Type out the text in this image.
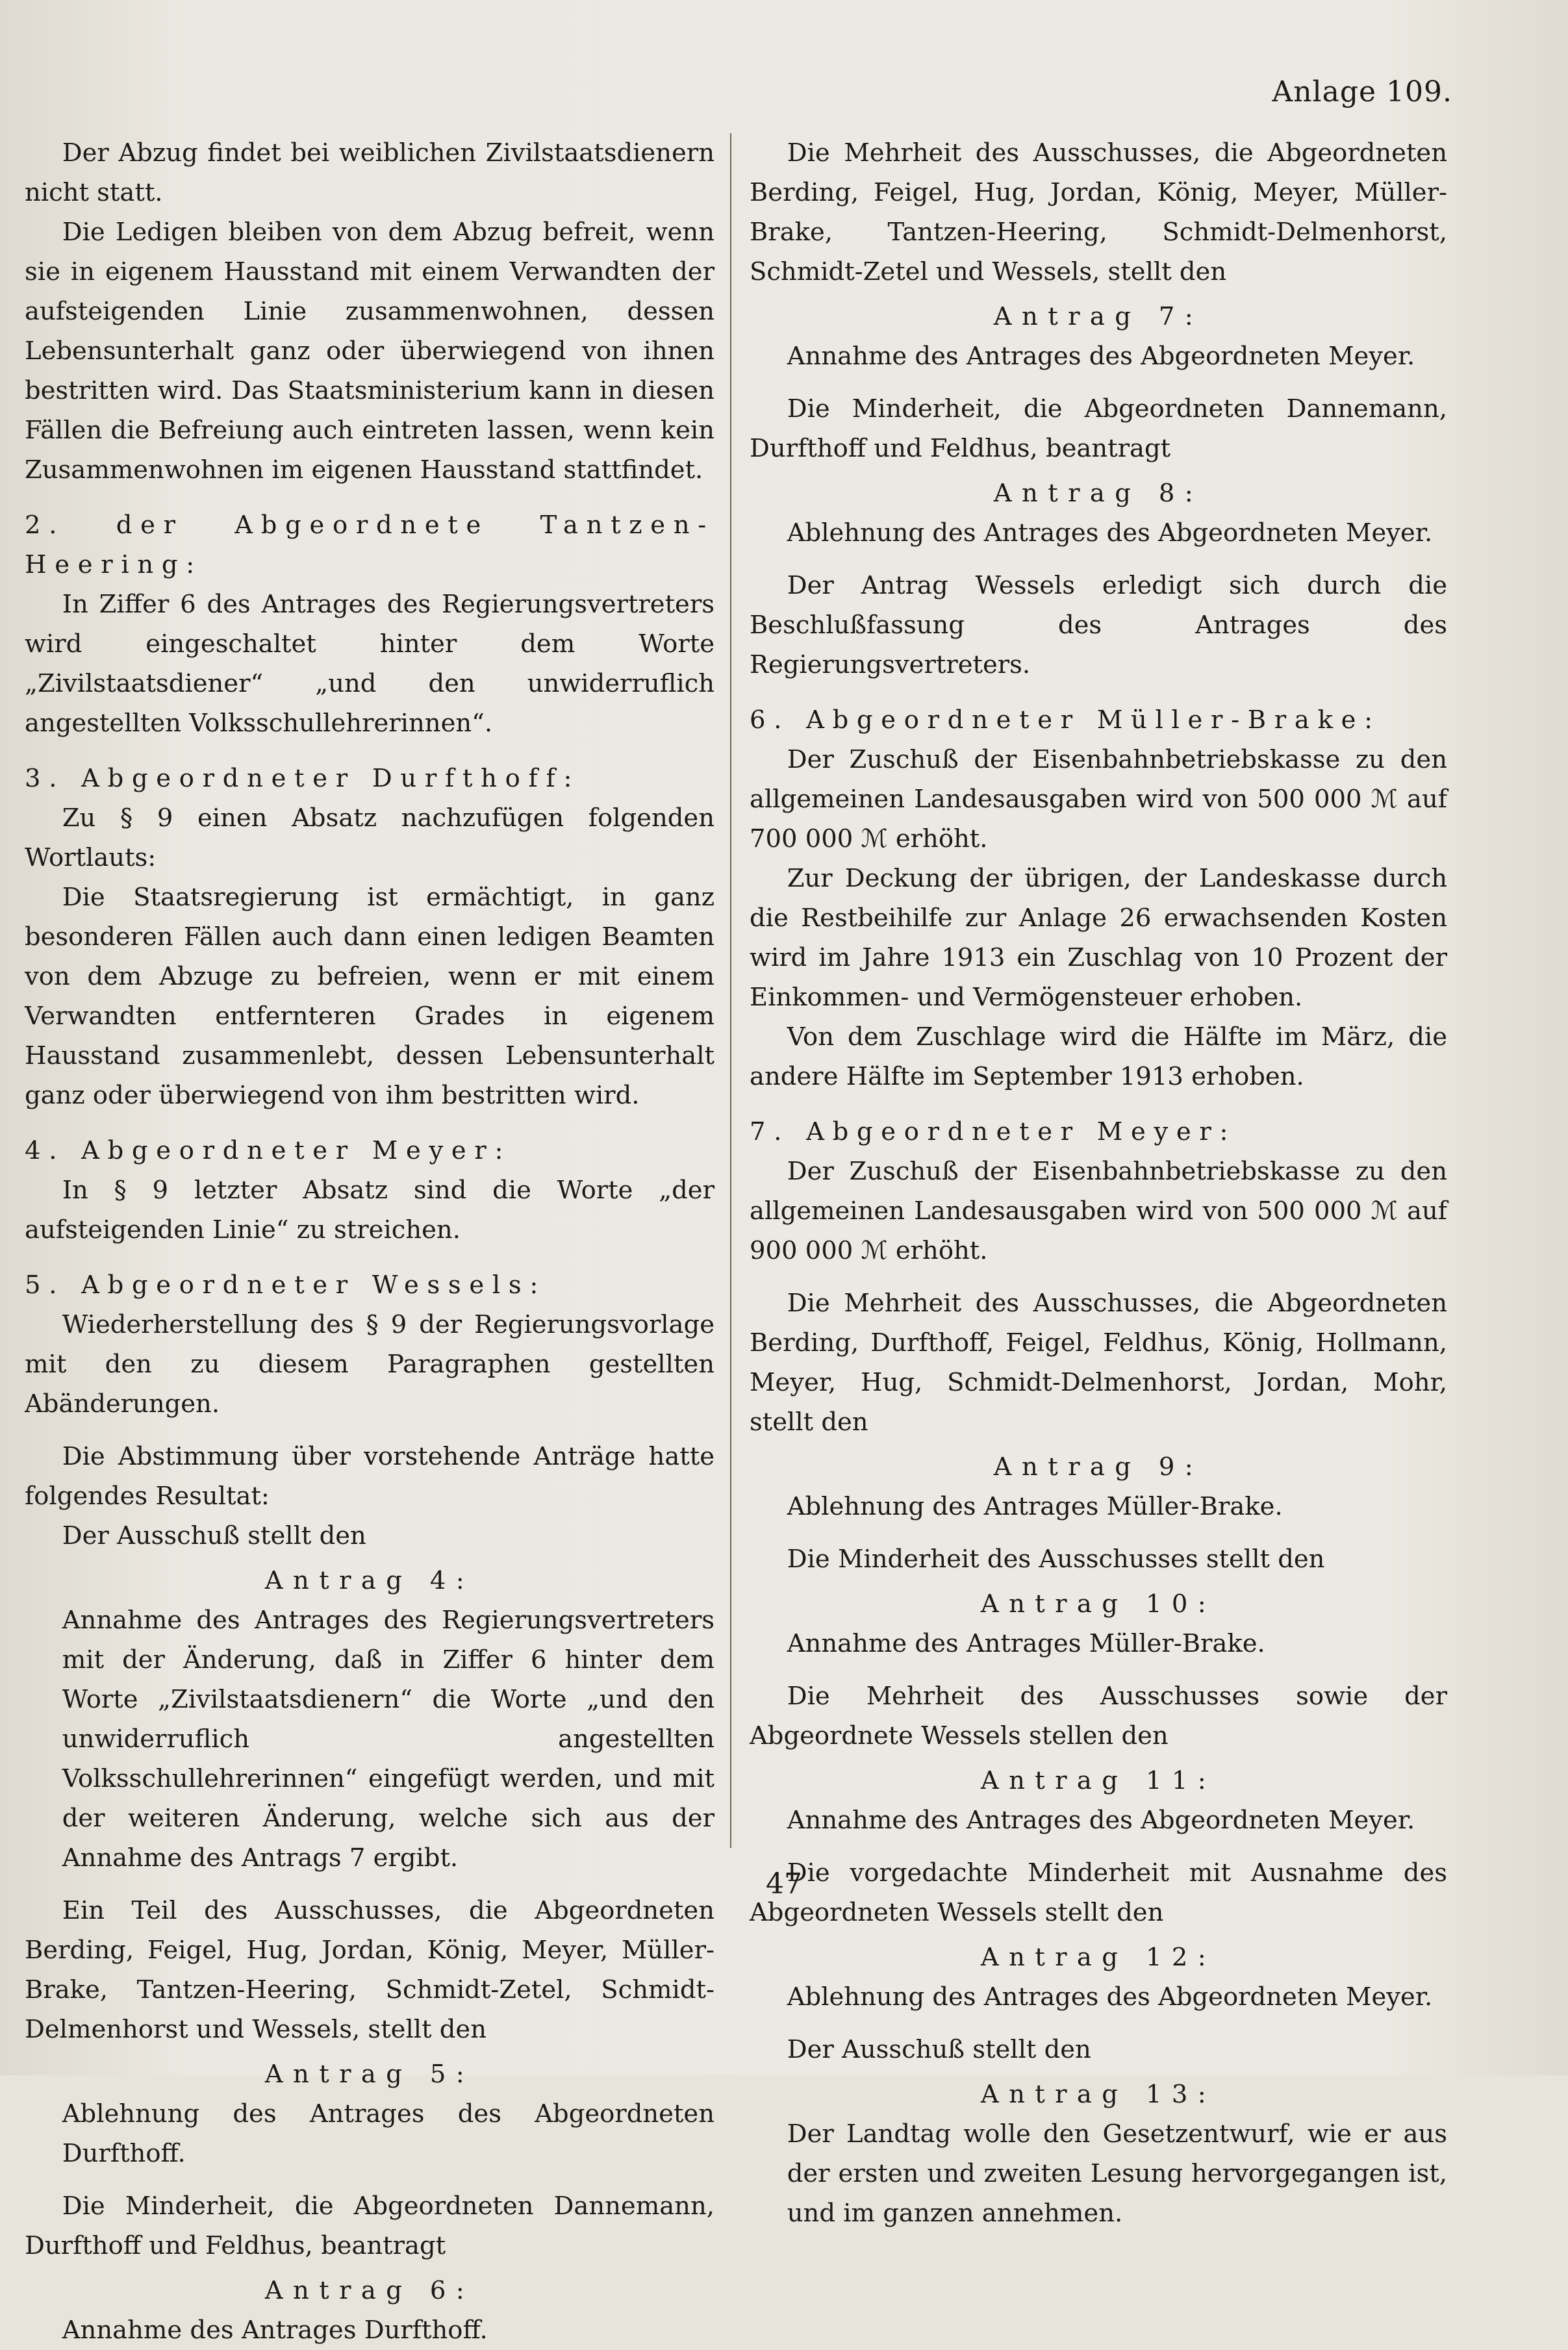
Anlage 109.

Der Abzug findet bei weiblichen Zivilstaatsdienern nicht statt.

Die Ledigen bleiben von dem Abzug befreit, wenn sie in eigenem Hausstand mit einem Verwandten der aufsteigenden Linie zusammenwohnen, dessen Lebensunterhalt ganz oder überwiegend von ihnen bestritten wird. Das Staatsministerium kann in diesen Fällen die Befreiung auch eintreten lassen, wenn kein Zusammenwohnen im eigenen Hausstand stattfindet.

2. der Abgeordnete Tantzen-Heering:

In Ziffer 6 des Antrages des Regierungsvertreters wird eingeschaltet hinter dem Worte „Zivilstaatsdiener“ „und den unwiderruflich angestellten Volksschullehrerinnen“.

3. Abgeordneter Durfthoff:

Zu § 9 einen Absatz nachzufügen folgenden Wortlauts:

Die Staatsregierung ist ermächtigt, in ganz besonderen Fällen auch dann einen ledigen Beamten von dem Abzuge zu befreien, wenn er mit einem Verwandten entfernteren Grades in eigenem Hausstand zusammenlebt, dessen Lebensunterhalt ganz oder überwiegend von ihm bestritten wird.

4. Abgeordneter Meyer:

In § 9 letzter Absatz sind die Worte „der aufsteigenden Linie“ zu streichen.

5. Abgeordneter Wessels:

Wiederherstellung des § 9 der Regierungsvorlage mit den zu diesem Paragraphen gestellten Abänderungen.

Die Abstimmung über vorstehende Anträge hatte folgendes Resultat:

Der Ausschuß stellt den

Antrag 4:

Annahme des Antrages des Regierungsvertreters mit der Änderung, daß in Ziffer 6 hinter dem Worte „Zivilstaatsdienern“ die Worte „und den unwiderruflich angestellten Volksschullehrerinnen“ eingefügt werden, und mit der weiteren Änderung, welche sich aus der Annahme des Antrags 7 ergibt.

Ein Teil des Ausschusses, die Abgeordneten Berding, Feigel, Hug, Jordan, König, Meyer, Müller-Brake, Tantzen-Heering, Schmidt-Zetel, Schmidt-Delmenhorst und Wessels, stellt den

Antrag 5:

Ablehnung des Antrages des Abgeordneten Durfthoff.

Die Minderheit, die Abgeordneten Dannemann, Durfthoff und Feldhus, beantragt

Antrag 6:

Annahme des Antrages Durfthoff.

Die Mehrheit des Ausschusses, die Abgeordneten Berding, Feigel, Hug, Jordan, König, Meyer, Müller-Brake, Tantzen-Heering, Schmidt-Delmenhorst, Schmidt-Zetel und Wessels, stellt den

Antrag 7:

Annahme des Antrages des Abgeordneten Meyer.

Die Minderheit, die Abgeordneten Dannemann, Durfthoff und Feldhus, beantragt

Antrag 8:

Ablehnung des Antrages des Abgeordneten Meyer.

Der Antrag Wessels erledigt sich durch die Beschlußfassung des Antrages des Regierungsvertreters.

6. Abgeordneter Müller-Brake:

Der Zuschuß der Eisenbahnbetriebskasse zu den allgemeinen Landesausgaben wird von 500 000 ℳ auf 700 000 ℳ erhöht.

Zur Deckung der übrigen, der Landeskasse durch die Restbeihilfe zur Anlage 26 erwachsenden Kosten wird im Jahre 1913 ein Zuschlag von 10 Prozent der Einkommen- und Vermögensteuer erhoben.

Von dem Zuschlage wird die Hälfte im März, die andere Hälfte im September 1913 erhoben.

7. Abgeordneter Meyer:

Der Zuschuß der Eisenbahnbetriebskasse zu den allgemeinen Landesausgaben wird von 500 000 ℳ auf 900 000 ℳ erhöht.

Die Mehrheit des Ausschusses, die Abgeordneten Berding, Durfthoff, Feigel, Feldhus, König, Hollmann, Meyer, Hug, Schmidt-Delmenhorst, Jordan, Mohr, stellt den

Antrag 9:

Ablehnung des Antrages Müller-Brake.

Die Minderheit des Ausschusses stellt den

Antrag 10:

Annahme des Antrages Müller-Brake.

Die Mehrheit des Ausschusses sowie der Abgeordnete Wessels stellen den

Antrag 11:

Annahme des Antrages des Abgeordneten Meyer.

Die vorgedachte Minderheit mit Ausnahme des Abgeordneten Wessels stellt den

Antrag 12:

Ablehnung des Antrages des Abgeordneten Meyer.

Der Ausschuß stellt den

Antrag 13:

Der Landtag wolle den Gesetzentwurf, wie er aus der ersten und zweiten Lesung hervorgegangen ist, und im ganzen annehmen.

47
